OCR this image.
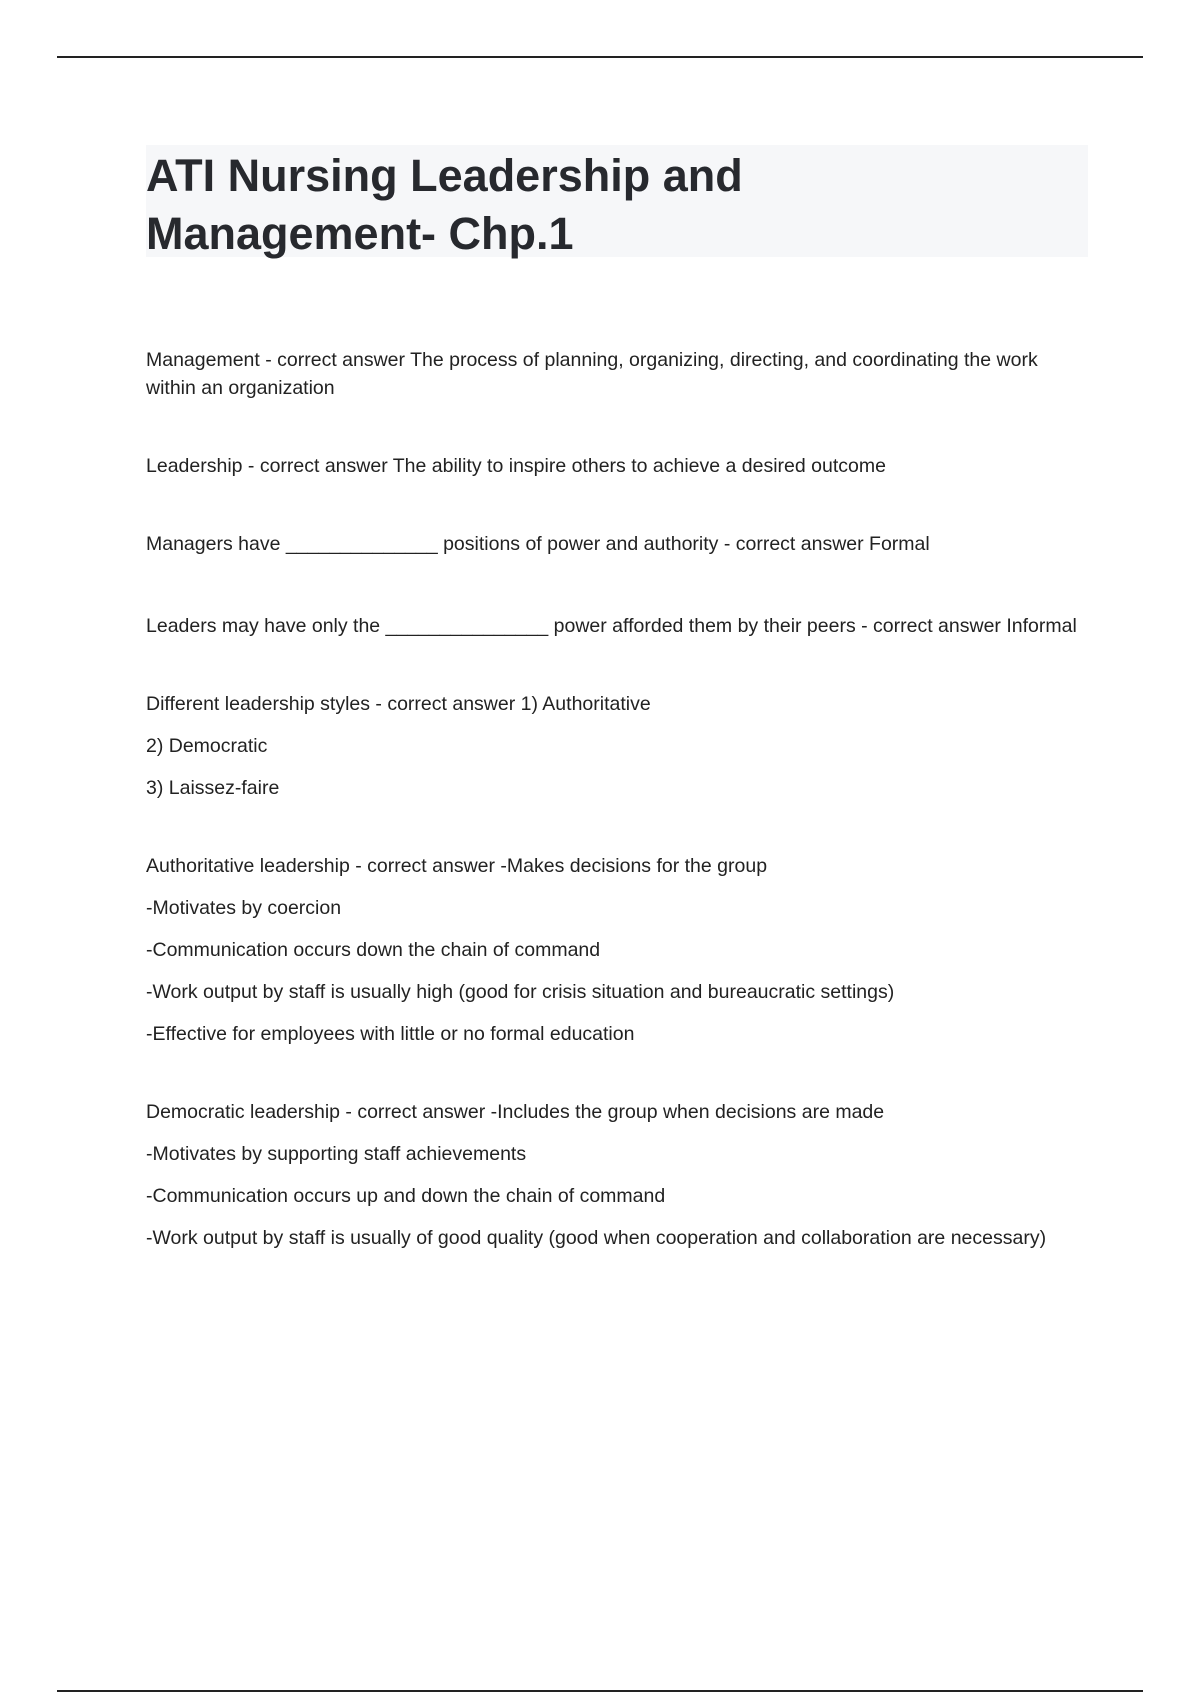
ATI Nursing Leadership and
Management- Chp.1

Management - correct answer The process of planning, organizing, directing, and coordinating the work within an organization

Leadership - correct answer The ability to inspire others to achieve a desired outcome

Managers have ______________ positions of power and authority - correct answer Formal

Leaders may have only the _______________ power afforded them by their peers - correct answer Informal

Different leadership styles - correct answer 1) Authoritative

2) Democratic

3) Laissez-faire

Authoritative leadership - correct answer -Makes decisions for the group

-Motivates by coercion

-Communication occurs down the chain of command

-Work output by staff is usually high (good for crisis situation and bureaucratic settings)

-Effective for employees with little or no formal education

Democratic leadership - correct answer -Includes the group when decisions are made

-Motivates by supporting staff achievements

-Communication occurs up and down the chain of command

-Work output by staff is usually of good quality (good when cooperation and collaboration are necessary)
